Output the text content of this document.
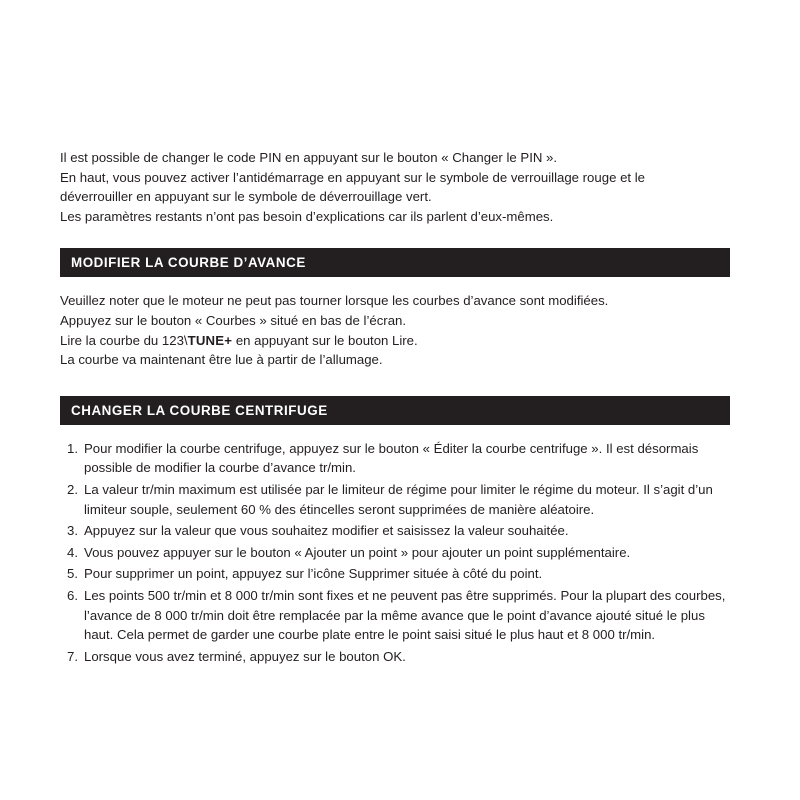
Il est possible de changer le code PIN en appuyant sur le bouton « Changer le PIN ».

En haut, vous pouvez activer l’antidémarrage en appuyant sur le symbole de verrouillage rouge et le

déverrouiller en appuyant sur le symbole de déverrouillage vert.

Les paramètres restants n’ont pas besoin d’explications car ils parlent d’eux-mêmes.

MODIFIER LA COURBE D’AVANCE

Veuillez noter que le moteur ne peut pas tourner lorsque les courbes d’avance sont modifiées.

Appuyez sur le bouton « Courbes » situé en bas de l’écran.

Lire la courbe du 123\TUNE+ en appuyant sur le bouton Lire.

La courbe va maintenant être lue à partir de l’allumage.

CHANGER LA COURBE CENTRIFUGE
1. Pour modifier la courbe centrifuge, appuyez sur le bouton « Éditer la courbe centrifuge ». Il est désormais
possible de modifier la courbe d’avance tr/min.
2. La valeur tr/min maximum est utilisée par le limiteur de régime pour limiter le régime du moteur. Il s’agit d’un
limiteur souple, seulement 60 % des étincelles seront supprimées de manière aléatoire.
3. Appuyez sur la valeur que vous souhaitez modifier et saisissez la valeur souhaitée.
4. Vous pouvez appuyer sur le bouton « Ajouter un point » pour ajouter un point supplémentaire.
5. Pour supprimer un point, appuyez sur l’icône Supprimer située à côté du point.
6. Les points 500 tr/min et 8 000 tr/min sont fixes et ne peuvent pas être supprimés. Pour la plupart des courbes,
l’avance de 8 000 tr/min doit être remplacée par la même avance que le point d’avance ajouté situé le plus haut. Cela permet de garder une courbe plate entre le point saisi situé le plus haut et 8 000 tr/min.
7. Lorsque vous avez terminé, appuyez sur le bouton OK.
